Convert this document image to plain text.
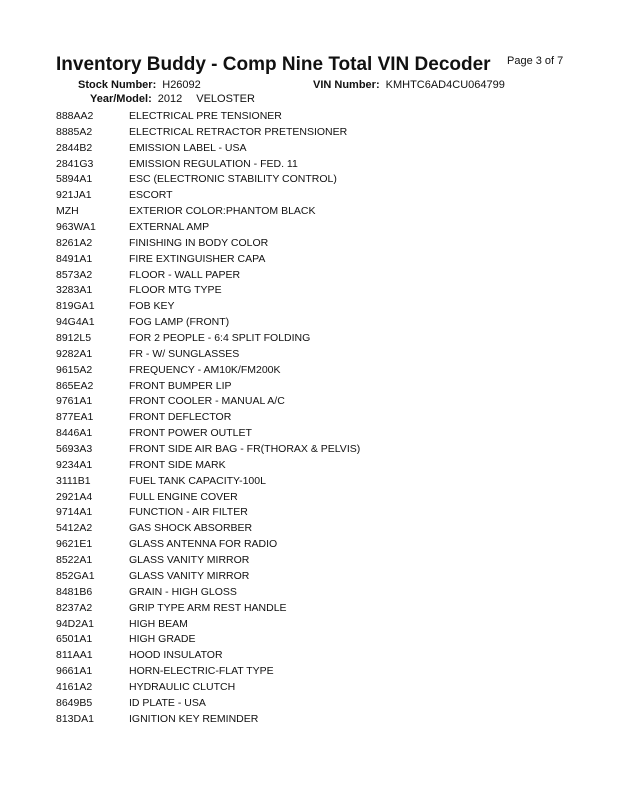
Inventory Buddy - Comp Nine Total VIN Decoder Page 3 of 7
Stock Number: H26092	VIN Number: KMHTC6AD4CU064799
Year/Model: 2012 VELOSTER
888AA2	ELECTRICAL PRE TENSIONER
8885A2	ELECTRICAL RETRACTOR PRETENSIONER
2844B2	EMISSION LABEL - USA
2841G3	EMISSION REGULATION - FED. 11
5894A1	ESC (ELECTRONIC STABILITY CONTROL)
921JA1	ESCORT
MZH	EXTERIOR COLOR:PHANTOM BLACK
963WA1	EXTERNAL AMP
8261A2	FINISHING IN BODY COLOR
8491A1	FIRE EXTINGUISHER CAPA
8573A2	FLOOR - WALL PAPER
3283A1	FLOOR MTG TYPE
819GA1	FOB KEY
94G4A1	FOG LAMP (FRONT)
8912L5	FOR 2 PEOPLE - 6:4 SPLIT FOLDING
9282A1	FR - W/ SUNGLASSES
9615A2	FREQUENCY - AM10K/FM200K
865EA2	FRONT BUMPER LIP
9761A1	FRONT COOLER - MANUAL A/C
877EA1	FRONT DEFLECTOR
8446A1	FRONT POWER OUTLET
5693A3	FRONT SIDE AIR BAG - FR(THORAX & PELVIS)
9234A1	FRONT SIDE MARK
3111B1	FUEL TANK CAPACITY-100L
2921A4	FULL ENGINE COVER
9714A1	FUNCTION - AIR FILTER
5412A2	GAS SHOCK ABSORBER
9621E1	GLASS ANTENNA FOR RADIO
8522A1	GLASS VANITY MIRROR
852GA1	GLASS VANITY MIRROR
8481B6	GRAIN - HIGH GLOSS
8237A2	GRIP TYPE ARM REST HANDLE
94D2A1	HIGH BEAM
6501A1	HIGH GRADE
811AA1	HOOD INSULATOR
9661A1	HORN-ELECTRIC-FLAT TYPE
4161A2	HYDRAULIC CLUTCH
8649B5	ID PLATE - USA
813DA1	IGNITION KEY REMINDER
